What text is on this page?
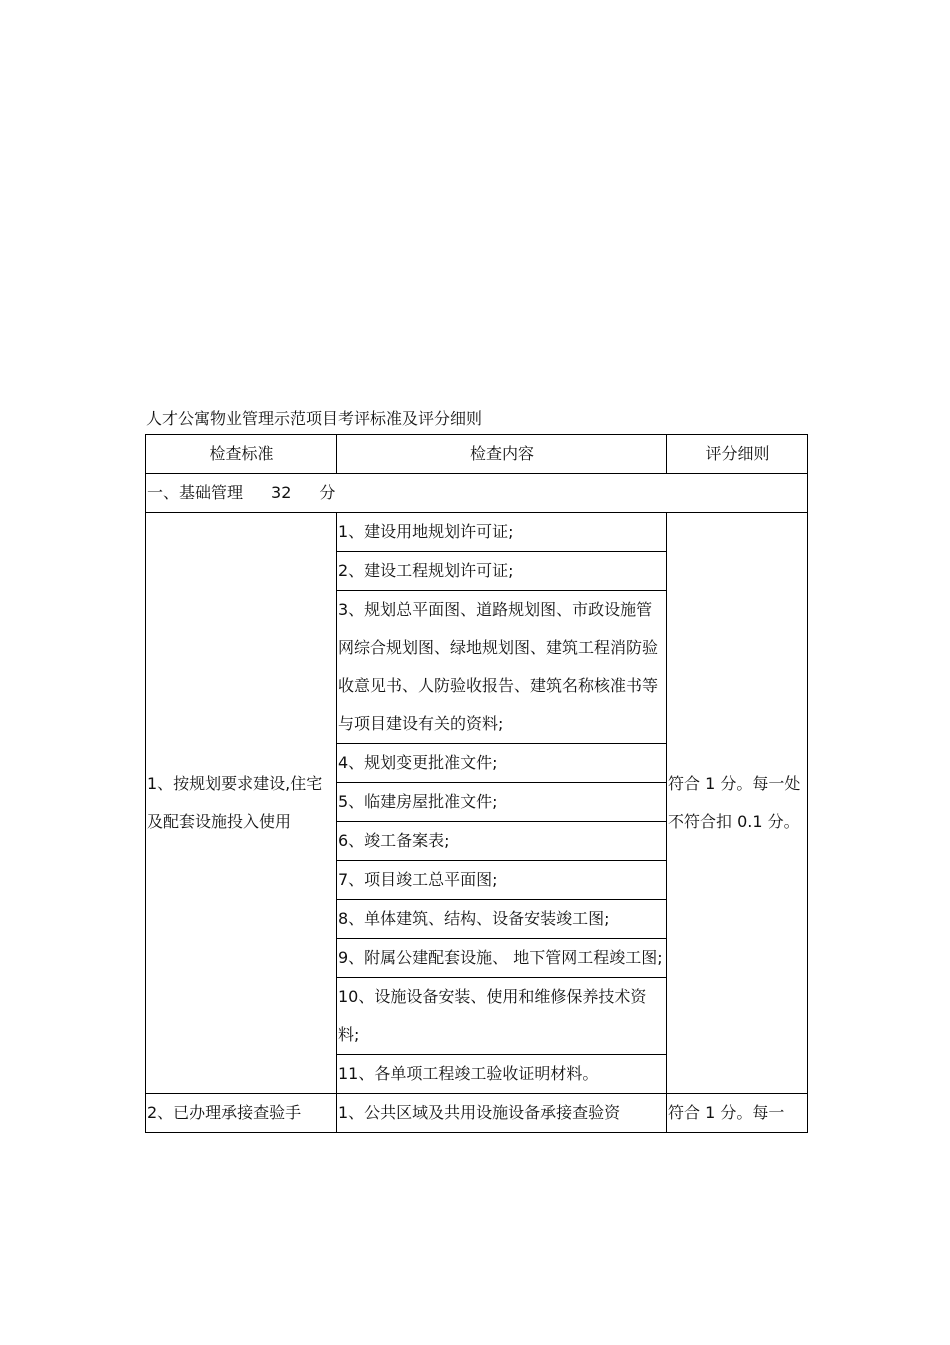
人才公寓物业管理示范项目考评标准及评分细则
检查标准	检查内容	评分细则
一、基础管理 32 分		
1、按规划要求建设,住宅及配套设施投入使用	1、建设用地规划许可证;	符合 1 分。每一处不符合扣 0.1 分。
	2、建设工程规划许可证;	
	3、规划总平面图、道路规划图、市政设施管网综合规划图、绿地规划图、建筑工程消防验收意见书、人防验收报告、建筑名称核准书等与项目建设有关的资料;	
	4、规划变更批准文件;	
	5、临建房屋批准文件;	
	6、竣工备案表;	
	7、项目竣工总平面图;	
	8、单体建筑、结构、设备安装竣工图;	
	9、附属公建配套设施、 地下管网工程竣工图;	
	10、设施设备安装、使用和维修保养技术资料;	
	11、各单项工程竣工验收证明材料。	
2、已办理承接查验手	1、公共区域及共用设施设备承接查验资	符合 1 分。每一
